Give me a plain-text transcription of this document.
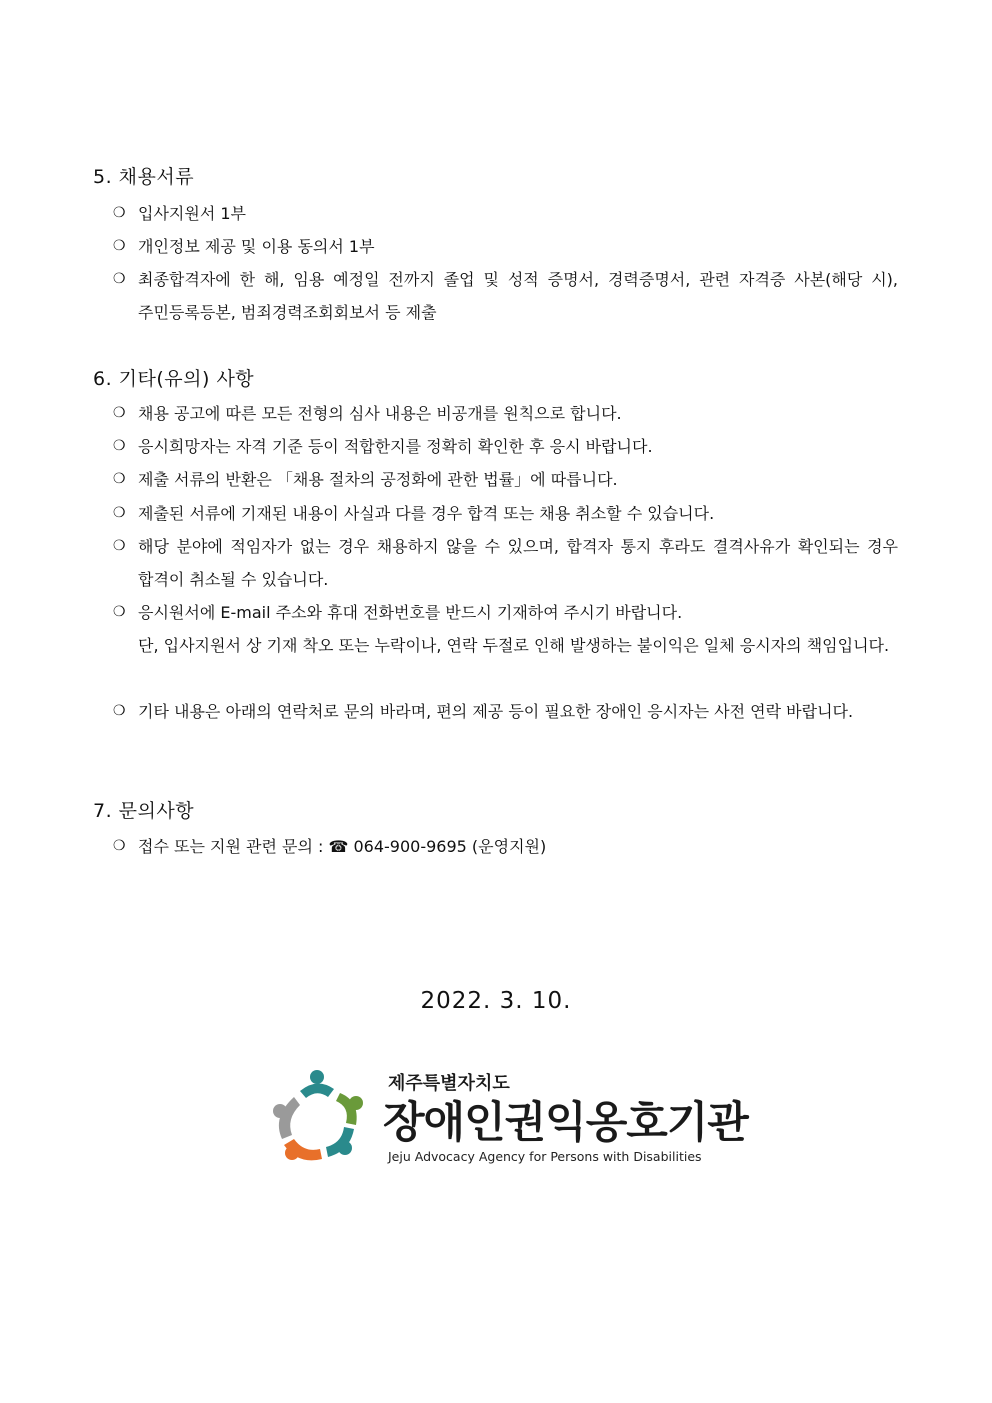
5. 채용서류
❍ 입사지원서 1부
❍ 개인정보 제공 및 이용 동의서 1부
❍ 최종합격자에 한 해, 임용 예정일 전까지 졸업 및 성적 증명서, 경력증명서, 관련 자격증 사본(해당 시), 주민등록등본, 범죄경력조회회보서 등 제출
6. 기타(유의) 사항
❍ 채용 공고에 따른 모든 전형의 심사 내용은 비공개를 원칙으로 합니다.
❍ 응시희망자는 자격 기준 등이 적합한지를 정확히 확인한 후 응시 바랍니다.
❍ 제출 서류의 반환은 「채용 절차의 공정화에 관한 법률」에 따릅니다.
❍ 제출된 서류에 기재된 내용이 사실과 다를 경우 합격 또는 채용 취소할 수 있습니다.
❍ 해당 분야에 적임자가 없는 경우 채용하지 않을 수 있으며, 합격자 통지 후라도 결격사유가 확인되는 경우 합격이 취소될 수 있습니다.
❍ 응시원서에 E-mail 주소와 휴대 전화번호를 반드시 기재하여 주시기 바랍니다.
단, 입사지원서 상 기재 착오 또는 누락이나, 연락 두절로 인해 발생하는 불이익은 일체 응시자의 책임입니다.
❍ 기타 내용은 아래의 연락처로 문의 바라며, 편의 제공 등이 필요한 장애인 응시자는 사전 연락 바랍니다.
7. 문의사항
❍ 접수 또는 지원 관련 문의 : ☎ 064-900-9695 (운영지원)
2022. 3. 10.
제주특별자치도
장애인권익옹호기관
Jeju Advocacy Agency for Persons with Disabilities
